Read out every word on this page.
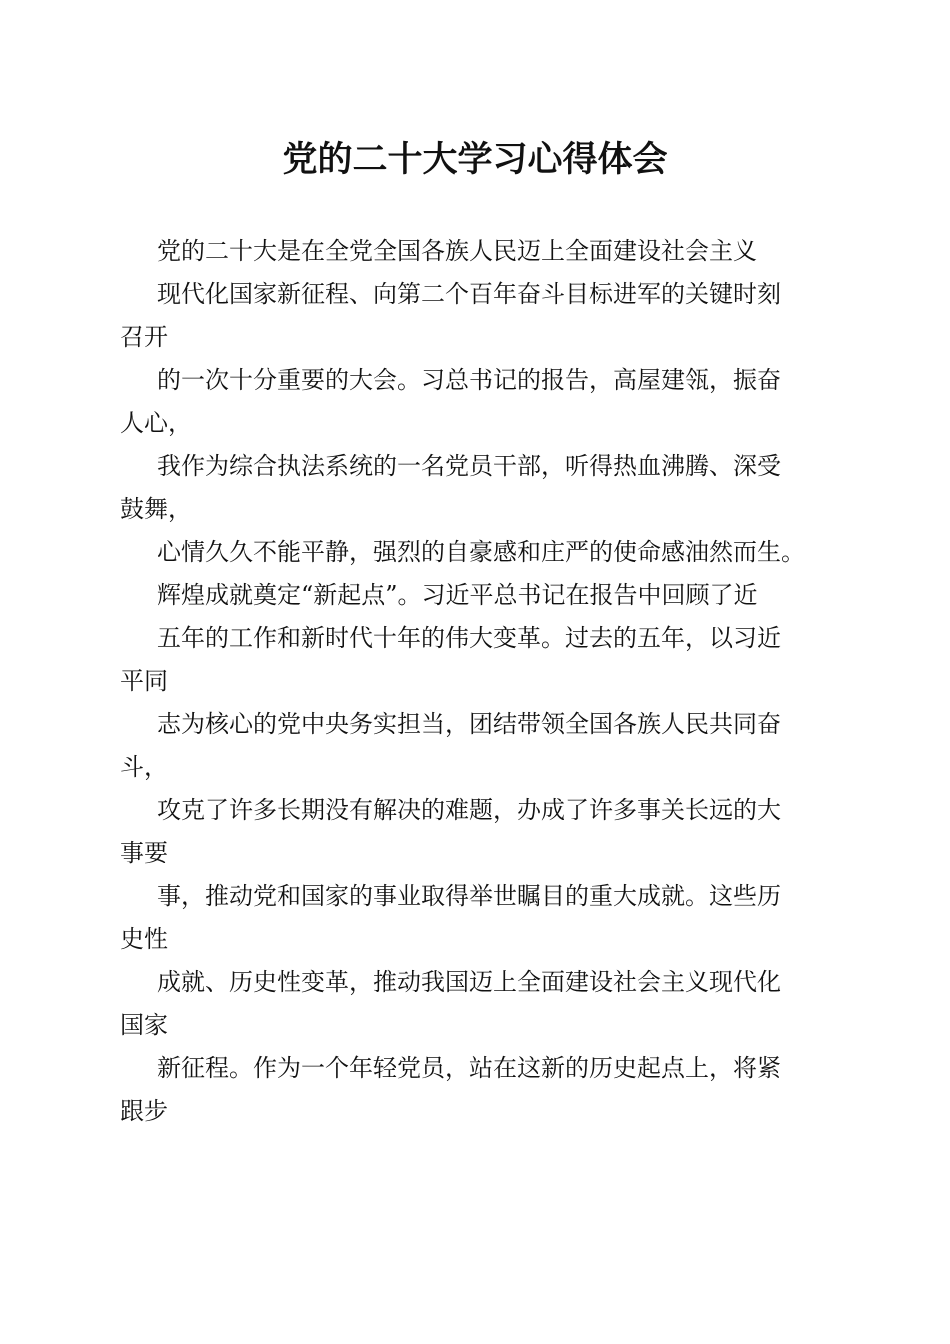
党的二十大学习心得体会
党的二十大是在全党全国各族人民迈上全面建设社会主义
现代化国家新征程、向第二个百年奋斗目标进军的关键时刻
召开
的一次十分重要的大会。习总书记的报告，高屋建瓴，振奋
人心，
我作为综合执法系统的一名党员干部，听得热血沸腾、深受
鼓舞，
心情久久不能平静，强烈的自豪感和庄严的使命感油然而生。
辉煌成就奠定“新起点”。习近平总书记在报告中回顾了近
五年的工作和新时代十年的伟大变革。过去的五年，以习近
平同
志为核心的党中央务实担当，团结带领全国各族人民共同奋
斗，
攻克了许多长期没有解决的难题，办成了许多事关长远的大
事要
事，推动党和国家的事业取得举世瞩目的重大成就。这些历
史性
成就、历史性变革，推动我国迈上全面建设社会主义现代化
国家
新征程。作为一个年轻党员，站在这新的历史起点上，将紧
跟步
